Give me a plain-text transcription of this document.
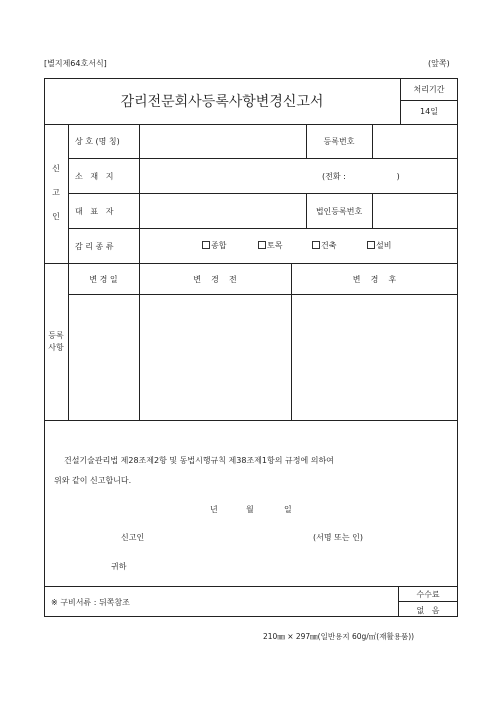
[별지제64호서식]	(앞쪽)
감리전문회사등록사항변경신고서
처리기간
14일
신
고
인
상 호 (명 칭)	등록번호
소   재   지	(전화 :                    )
대   표   자	법인등록번호
감 리 종 류	종합	토목	건축	설비
등록
사항
변 경 일	변    경    전	변    경    후
건설기술관리법 제28조제2항 및 동법시행규칙 제38조제1항의 규정에 의하여
위와 같이 신고합니다.
년	월	일
신고인	(서명 또는 인)
귀하
※ 구비서류 : 뒤쪽참조
수수료
없   음
210㎜ × 297㎜(일반용지 60g/㎡(재활용품))
